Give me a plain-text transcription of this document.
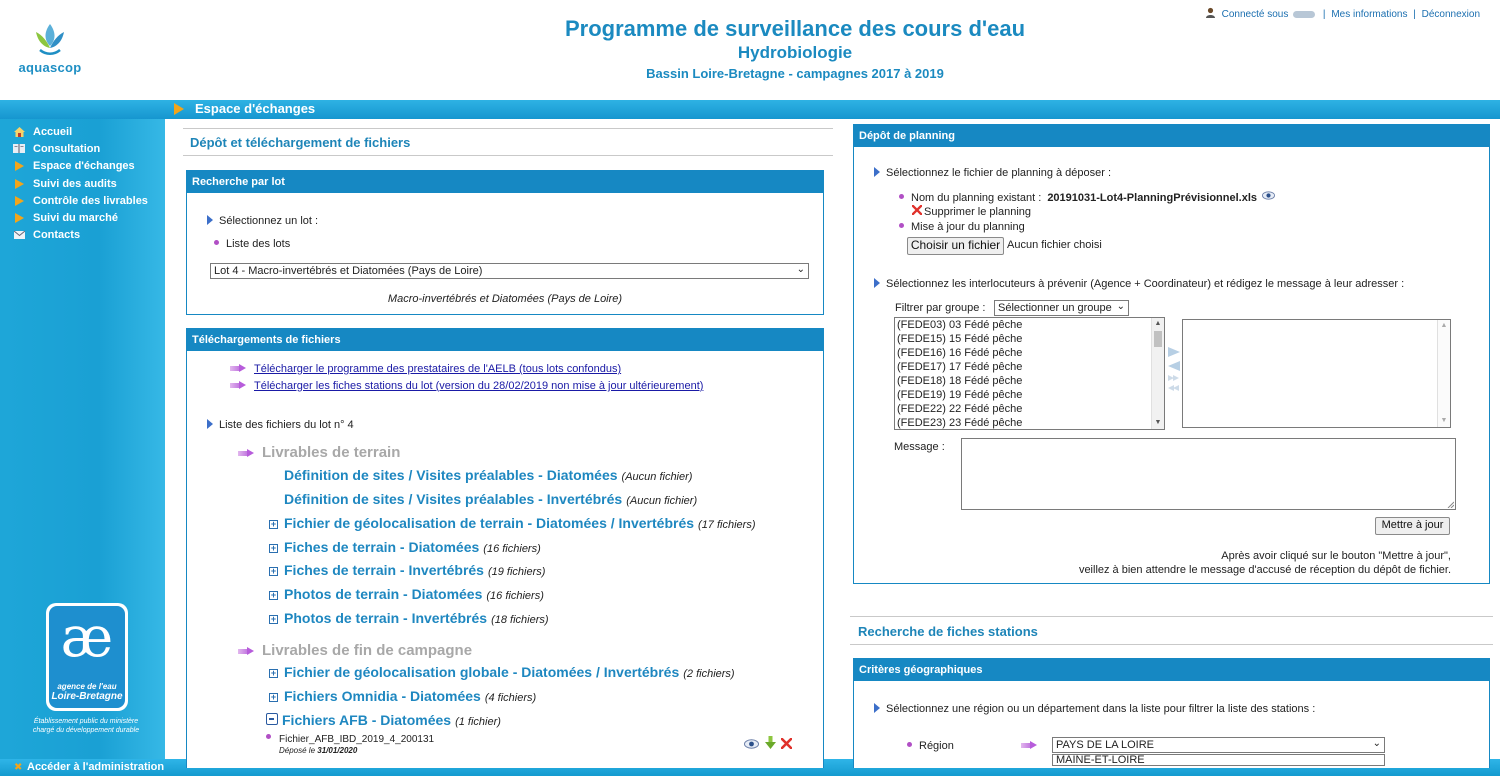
aquascop
Programme de surveillance des cours d'eau
Hydrobiologie
Bassin Loire-Bretagne - campagnes 2017 à 2019
Connecté sous	| Mes informations | Déconnexion
Espace d'échanges
Accueil
Consultation
Espace d'échanges
Suivi des audits
Contrôle des livrables
Suivi du marché
Contacts
æ
agence de l'eau
Loire-Bretagne
Établissement public du ministère chargé du développement durable
✖ Accéder à l'administration
Dépôt et téléchargement de fichiers
Recherche par lot
Sélectionnez un lot :
Liste des lots
Lot 4 - Macro-invertébrés et Diatomées (Pays de Loire)	⌄
Macro-invertébrés et Diatomées (Pays de Loire)
Téléchargements de fichiers
Télécharger le programme des prestataires de l'AELB (tous lots confondus)
Télécharger les fiches stations du lot (version du 28/02/2019 non mise à jour ultérieurement)
Liste des fichiers du lot n° 4
Livrables de terrain
Définition de sites / Visites préalables - Diatomées (Aucun fichier)
Définition de sites / Visites préalables - Invertébrés (Aucun fichier)
+ Fichier de géolocalisation de terrain - Diatomées / Invertébrés (17 fichiers)
+ Fiches de terrain - Diatomées (16 fichiers)
+ Fiches de terrain - Invertébrés (19 fichiers)
+ Photos de terrain - Diatomées (16 fichiers)
+ Photos de terrain - Invertébrés (18 fichiers)
Livrables de fin de campagne
+ Fichier de géolocalisation globale - Diatomées / Invertébrés (2 fichiers)
+ Fichiers Omnidia - Diatomées (4 fichiers)
Fichiers AFB - Diatomées (1 fichier)
Fichier_AFB_IBD_2019_4_200131
Déposé le 31/01/2020

Dépôt de planning
Sélectionnez le fichier de planning à déposer :
Nom du planning existant : 20191031-Lot4-PlanningPrévisionnel.xls
Supprimer le planning
Mise à jour du planning
Choisir un fichier Aucun fichier choisi
Sélectionnez les interlocuteurs à prévenir (Agence + Coordinateur) et rédigez le message à leur adresser :
Filtrer par groupe :	Sélectionner un groupe ⌄
(FEDE03) 03 Fédé pêche
(FEDE15) 15 Fédé pêche
(FEDE16) 16 Fédé pêche
(FEDE17) 17 Fédé pêche
(FEDE18) 18 Fédé pêche
(FEDE19) 19 Fédé pêche
(FEDE22) 22 Fédé pêche
(FEDE23) 23 Fédé pêche
▲
▼
▲
▼
Message :
Mettre à jour
Après avoir cliqué sur le bouton "Mettre à jour",
veillez à bien attendre le message d'accusé de réception du dépôt de fichier.
Recherche de fiches stations
Critères géographiques
Sélectionnez une région ou un département dans la liste pour filtrer la liste des stations :
Région	PAYS DE LA LOIRE	⌄
MAINE-ET-LOIRE
